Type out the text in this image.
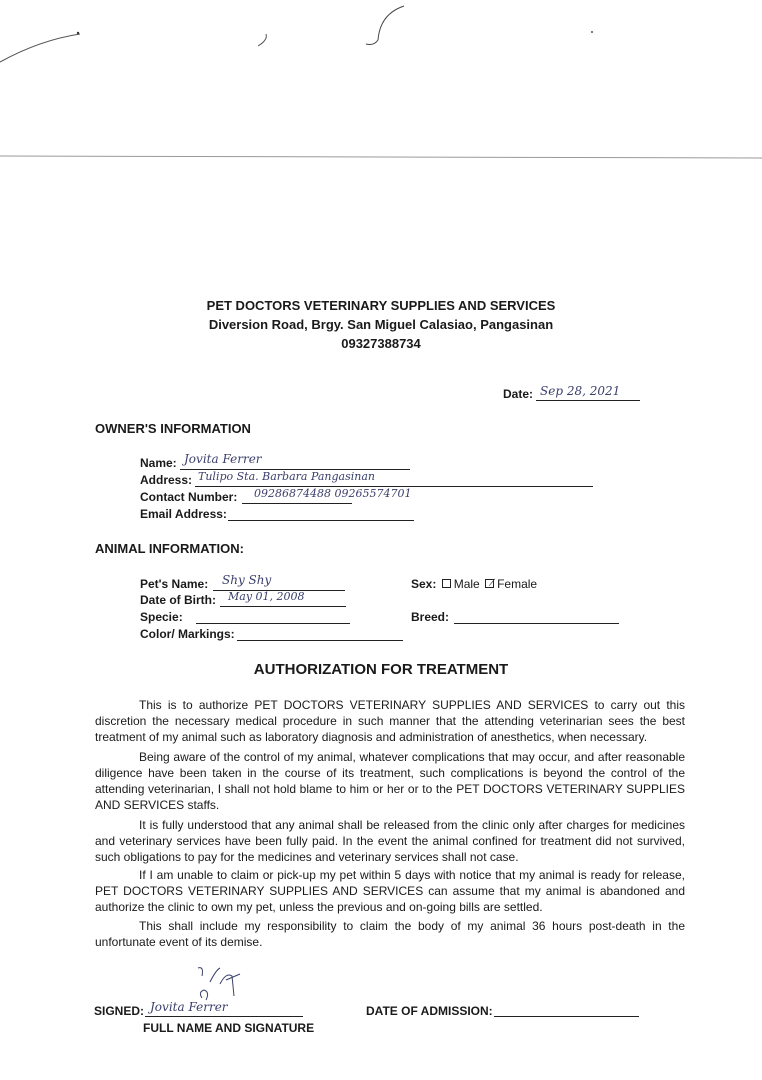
PET DOCTORS VETERINARY SUPPLIES AND SERVICES
Diversion Road, Brgy. San Miguel Calasiao, Pangasinan
09327388734
Date: Sep 28, 2021
OWNER'S INFORMATION
Name: Jovita Ferrer
Address: Tulipo Sta. Barbara Pangasinan
Contact Number: 09286874488 09265574701
Email Address:
ANIMAL INFORMATION:
Pet's Name: Shy Shy
Date of Birth: May 01, 2008
Specie:
Color/ Markings:
Sex: Male Female
Breed:
AUTHORIZATION FOR TREATMENT
This is to authorize PET DOCTORS VETERINARY SUPPLIES AND SERVICES to carry out this discretion the necessary medical procedure in such manner that the attending veterinarian sees the best treatment of my animal such as laboratory diagnosis and administration of anesthetics, when necessary.
Being aware of the control of my animal, whatever complications that may occur, and after reasonable diligence have been taken in the course of its treatment, such complications is beyond the control of the attending veterinarian, I shall not hold blame to him or her or to the PET DOCTORS VETERINARY SUPPLIES AND SERVICES staffs.
It is fully understood that any animal shall be released from the clinic only after charges for medicines and veterinary services have been fully paid. In the event the animal confined for treatment did not survived, such obligations to pay for the medicines and veterinary services shall not case.
If I am unable to claim or pick-up my pet within 5 days with notice that my animal is ready for release, PET DOCTORS VETERINARY SUPPLIES AND SERVICES can assume that my animal is abandoned and authorize the clinic to own my pet, unless the previous and on-going bills are settled.
This shall include my responsibility to claim the body of my animal 36 hours post-death in the unfortunate event of its demise.
SIGNED: Jovita Ferrer
FULL NAME AND SIGNATURE
DATE OF ADMISSION:
